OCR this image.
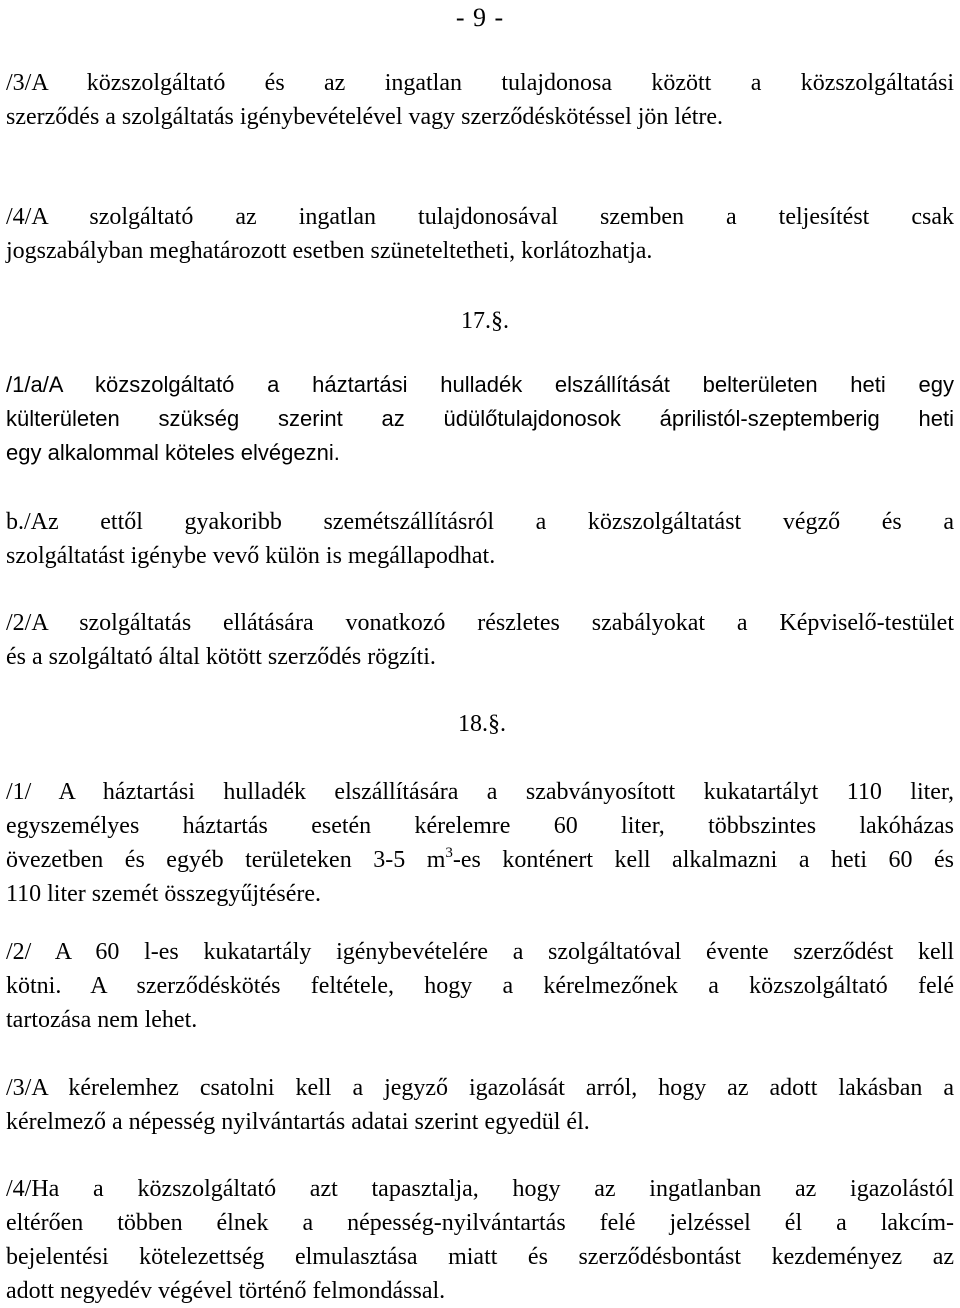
- 9 -
/3/A közszolgáltató és az ingatlan tulajdonosa között a közszolgáltatási
szerződés a szolgáltatás igénybevételével vagy szerződéskötéssel jön létre.
/4/A szolgáltató az ingatlan tulajdonosával szemben a teljesítést csak
jogszabályban meghatározott esetben szüneteltetheti, korlátozhatja.
17.§.
/1/a/A közszolgáltató a háztartási hulladék elszállítását belterületen heti egy
külterületen szükség szerint az üdülőtulajdonosok áprilistól-szeptemberig heti
egy alkalommal köteles elvégezni.
b./Az ettől gyakoribb szemétszállításról a közszolgáltatást végző és a
szolgáltatást igénybe vevő külön is megállapodhat.
/2/A szolgáltatás ellátására vonatkozó részletes szabályokat a Képviselő-testület
és a szolgáltató által kötött szerződés rögzíti.
18.§.
/1/ A háztartási hulladék elszállítására a szabványosított kukatartályt 110 liter,
egyszemélyes háztartás esetén kérelemre 60 liter, többszintes lakóházas
övezetben és egyéb területeken 3-5 $m^3-es$ konténert kell alkalmazni a heti 60 és
110 liter szemét összegyűjtésére.
/2/ A 60 l-es kukatartály igénybevételére a szolgáltatóval évente szerződést kell
kötni. A szerződéskötés feltétele, hogy a kérelmezőnek a közszolgáltató felé
tartozása nem lehet.
/3/A kérelemhez csatolni kell a jegyző igazolását arról, hogy az adott lakásban a
kérelmező a népesség nyilvántartás adatai szerint egyedül él.
/4/Ha a közszolgáltató azt tapasztalja, hogy az ingatlanban az igazolástól
eltérően többen élnek a népesség-nyilvántartás felé jelzéssel él a lakcím-
bejelentési kötelezettség elmulasztása miatt és szerződésbontást kezdeményez az
adott negyedév végével történő felmondással.
